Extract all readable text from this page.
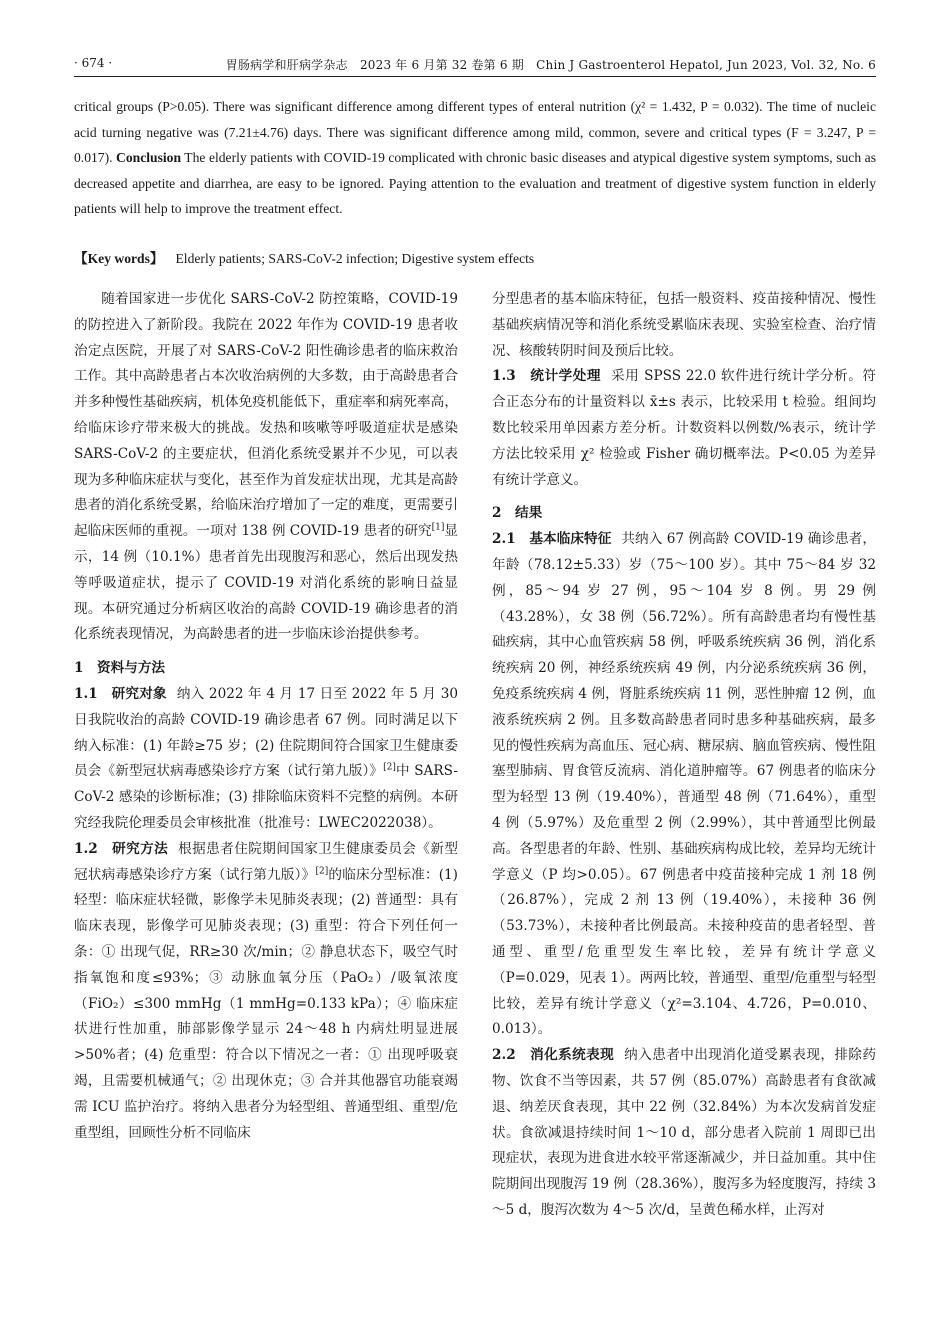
· 674 ·	胃肠病学和肝病学杂志　2023 年 6 月第 32 卷第 6 期　Chin J Gastroenterol Hepatol, Jun 2023, Vol. 32, No. 6
critical groups (P>0.05). There was significant difference among different types of enteral nutrition (χ² = 1.432, P = 0.032). The time of nucleic acid turning negative was (7.21±4.76) days. There was significant difference among mild, common, severe and critical types (F = 3.247, P = 0.017). Conclusion The elderly patients with COVID-19 complicated with chronic basic diseases and atypical digestive system symptoms, such as decreased appetite and diarrhea, are easy to be ignored. Paying attention to the evaluation and treatment of digestive system function in elderly patients will help to improve the treatment effect.
【Key words】 Elderly patients; SARS-CoV-2 infection; Digestive system effects

随着国家进一步优化 SARS-CoV-2 防控策略，COVID-19 的防控进入了新阶段。我院在 2022 年作为 COVID-19 患者收治定点医院，开展了对 SARS-CoV-2 阳性确诊患者的临床救治工作。其中高龄患者占本次收治病例的大多数，由于高龄患者合并多种慢性基础疾病，机体免疫机能低下，重症率和病死率高，给临床诊疗带来极大的挑战。发热和咳嗽等呼吸道症状是感染 SARS-CoV-2 的主要症状，但消化系统受累并不少见，可以表现为多种临床症状与变化，甚至作为首发症状出现，尤其是高龄患者的消化系统受累，给临床治疗增加了一定的难度，更需要引起临床医师的重视。一项对 138 例 COVID-19 患者的研究[1]显示，14 例（10.1%）患者首先出现腹泻和恶心，然后出现发热等呼吸道症状，提示了 COVID-19 对消化系统的影响日益显现。本研究通过分析病区收治的高龄 COVID-19 确诊患者的消化系统表现情况，为高龄患者的进一步临床诊治提供参考。

1　资料与方法

1.1　研究对象 纳入 2022 年 4 月 17 日至 2022 年 5 月 30 日我院收治的高龄 COVID-19 确诊患者 67 例。同时满足以下纳入标准：(1) 年龄≥75 岁；(2) 住院期间符合国家卫生健康委员会《新型冠状病毒感染诊疗方案（试行第九版）》[2]中 SARS-CoV-2 感染的诊断标准；(3) 排除临床资料不完整的病例。本研究经我院伦理委员会审核批准（批准号：LWEC2022038）。

1.2　研究方法 根据患者住院期间国家卫生健康委员会《新型冠状病毒感染诊疗方案（试行第九版）》[2]的临床分型标准：(1) 轻型：临床症状轻微，影像学未见肺炎表现；(2) 普通型：具有临床表现，影像学可见肺炎表现；(3) 重型：符合下列任何一条：① 出现气促，RR≥30 次/min；② 静息状态下，吸空气时指氧饱和度≤93%；③ 动脉血氧分压（PaO₂）/吸氧浓度（FiO₂）≤300 mmHg（1 mmHg=0.133 kPa）；④ 临床症状进行性加重，肺部影像学显示 24～48 h 内病灶明显进展>50%者；(4) 危重型：符合以下情况之一者：① 出现呼吸衰竭，且需要机械通气；② 出现休克；③ 合并其他器官功能衰竭需 ICU 监护治疗。将纳入患者分为轻型组、普通型组、重型/危重型组，回顾性分析不同临床

分型患者的基本临床特征，包括一般资料、疫苗接种情况、慢性基础疾病情况等和消化系统受累临床表现、实验室检查、治疗情况、核酸转阴时间及预后比较。

1.3　统计学处理 采用 SPSS 22.0 软件进行统计学分析。符合正态分布的计量资料以 x̄±s 表示，比较采用 t 检验。组间均数比较采用单因素方差分析。计数资料以例数/%表示，统计学方法比较采用 χ² 检验或 Fisher 确切概率法。P<0.05 为差异有统计学意义。

2　结果

2.1　基本临床特征 共纳入 67 例高龄 COVID-19 确诊患者，年龄（78.12±5.33）岁（75～100 岁）。其中 75～84 岁 32 例，85～94 岁 27 例，95～104 岁 8 例。男 29 例（43.28%），女 38 例（56.72%）。所有高龄患者均有慢性基础疾病，其中心血管疾病 58 例，呼吸系统疾病 36 例，消化系统疾病 20 例，神经系统疾病 49 例，内分泌系统疾病 36 例，免疫系统疾病 4 例，肾脏系统疾病 11 例，恶性肿瘤 12 例，血液系统疾病 2 例。且多数高龄患者同时患多种基础疾病，最多见的慢性疾病为高血压、冠心病、糖尿病、脑血管疾病、慢性阻塞型肺病、胃食管反流病、消化道肿瘤等。67 例患者的临床分型为轻型 13 例（19.40%），普通型 48 例（71.64%），重型 4 例（5.97%）及危重型 2 例（2.99%），其中普通型比例最高。各型患者的年龄、性别、基础疾病构成比较，差异均无统计学意义（P 均>0.05）。67 例患者中疫苗接种完成 1 剂 18 例（26.87%），完成 2 剂 13 例（19.40%），未接种 36 例（53.73%），未接种者比例最高。未接种疫苗的患者轻型、普通型、重型/危重型发生率比较，差异有统计学意义（P=0.029，见表 1）。两两比较，普通型、重型/危重型与轻型比较，差异有统计学意义（χ²=3.104、4.726，P=0.010、0.013）。

2.2　消化系统表现 纳入患者中出现消化道受累表现，排除药物、饮食不当等因素，共 57 例（85.07%）高龄患者有食欲减退、纳差厌食表现，其中 22 例（32.84%）为本次发病首发症状。食欲减退持续时间 1～10 d，部分患者入院前 1 周即已出现症状，表现为进食进水较平常逐渐减少，并日益加重。其中住院期间出现腹泻 19 例（28.36%），腹泻多为轻度腹泻，持续 3～5 d，腹泻次数为 4～5 次/d，呈黄色稀水样，止泻对
